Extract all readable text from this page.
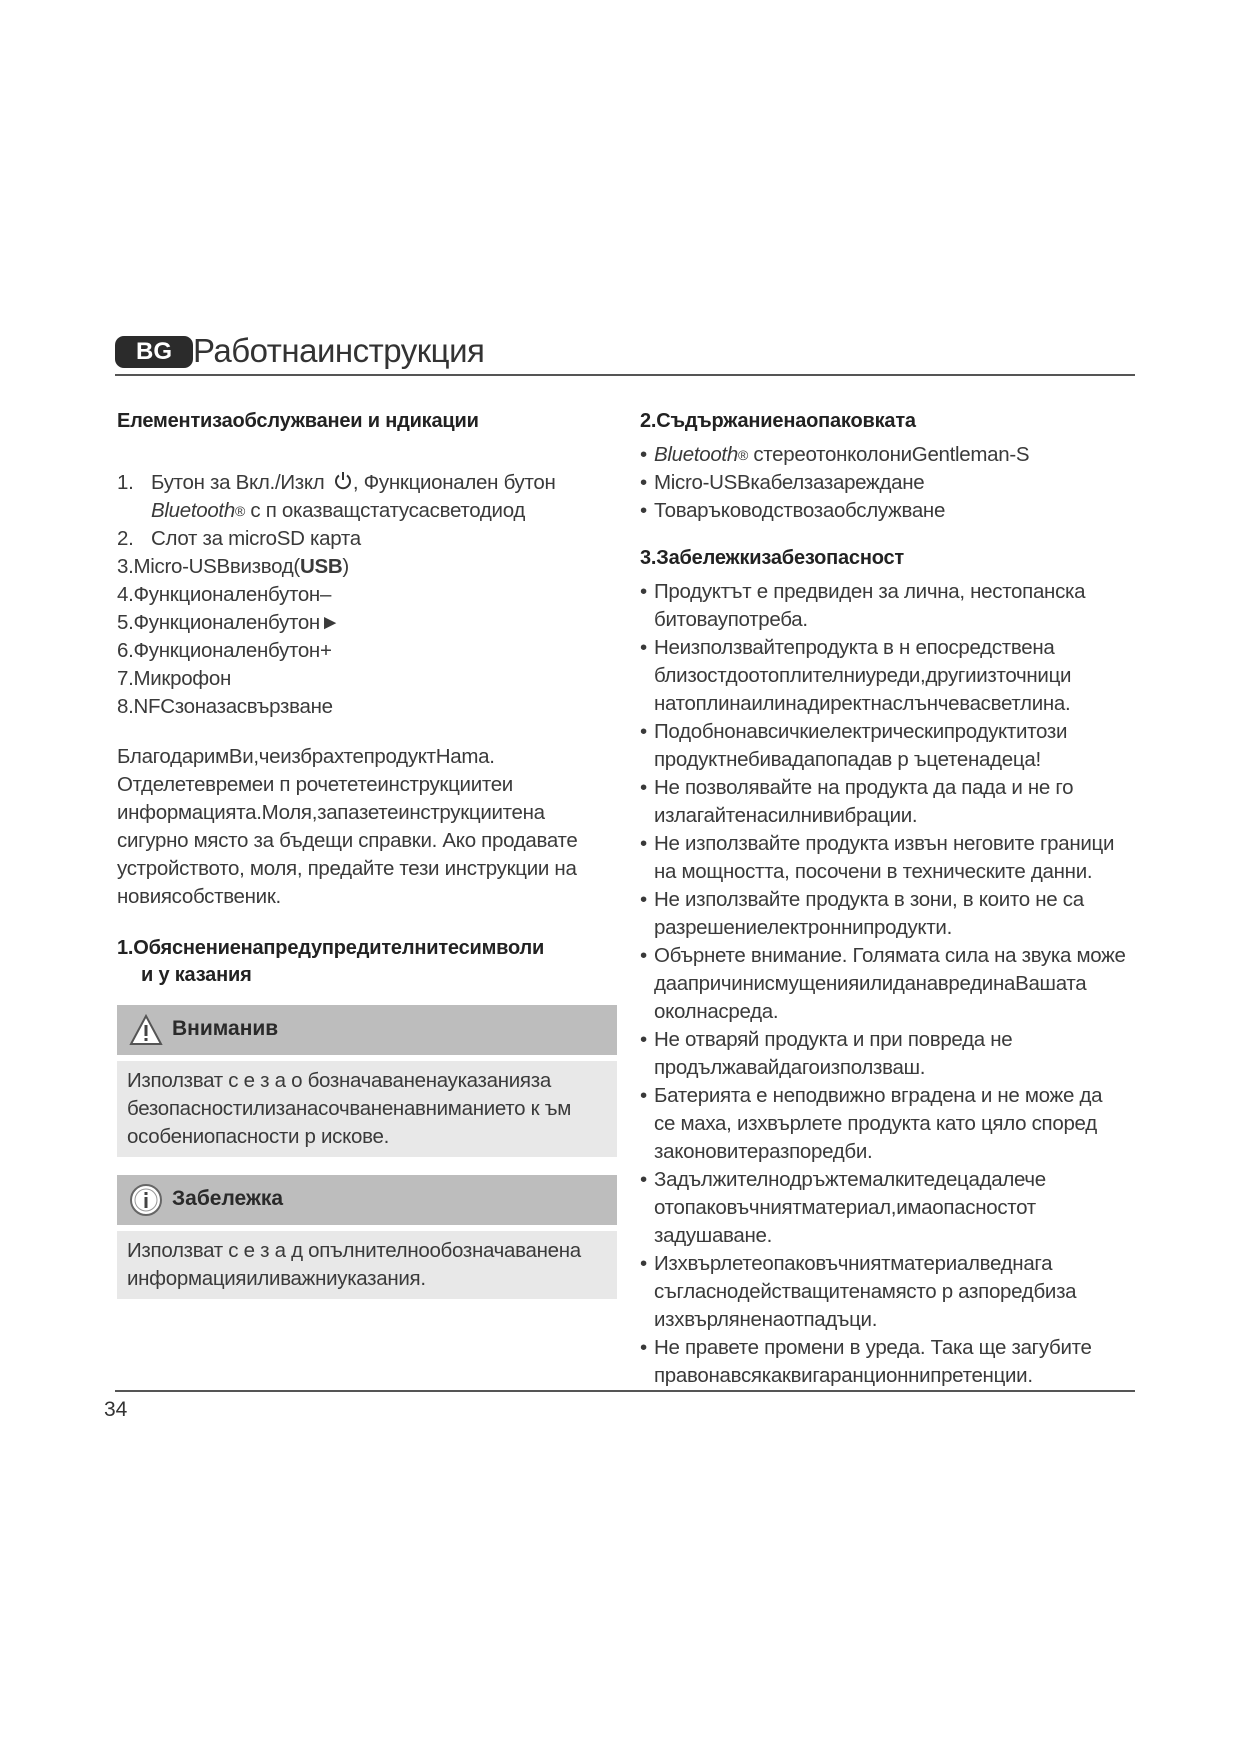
BG Работнаинструкция
Елементизаобслужванеи и ндикации
1. Бутон за Вкл./Изкл , Функционален бутон
Bluetooth® с п оказващстатусасветодиод
2. Слот за microSD карта
3.Micro-USBвизвод(USB)
4.Функционаленбутон–
5.Функционаленбутон►
6.Функционаленбутон+
7.Микрофон
8.NFCзоназасвързване
БлагодаримВи,чеизбрахтепродуктHama.
Отделетевремеи п рочететеинструкциитеи
информацията.Моля,запазетеинструкциитена
сигурно място за бъдещи справки. Ако продавате
устройството, моля, предайте тези инструкции на
новиясобственик.
1.Обяснениенапредупредителнитесимволи
и у казания
Вниманив
Използват с е з а о бозначаваненауказанияза
безопасностилизанасочваненавниманието к ъм
особениопасности р искове.
Забележка
Използват с е з а д опълнителнообозначаванена
информацияиливажниуказания.
2.Съдържаниенаопаковката
• Bluetooth® стереотонколониGentleman-S
• Micro-USBкабелзазареждане
• Товаръководствозаобслужване
3.Забележкизабезопасност
• Продуктът е предвиден за лична, нестопанска
битоваупотреба.
• Неизползвайтепродукта в н епосредствена
близостдоотоплителниуреди,другиизточници
натоплинаилинадиректнаслънчевасветлина.
• Подобнонавсичкиелектрическипродуктитози
продуктнебивадапопадав р ъцетенадеца!
• Не позволявайте на продукта да пада и не го
излагайтенасилнивибрации.
• Не използвайте продукта извън неговите граници
на мощността, посочени в техническите данни.
• Не използвайте продукта в зони, в които не са
разрешениелектроннипродукти.
• Обърнете внимание. Голямата сила на звука може
даапричинисмущенияилиданаврединаВашата
околнасреда.
• Не отваряй продукта и при повреда не
продължавайдагоизползваш.
• Батерията е неподвижно вградена и не може да
се маха, изхвърлете продукта като цяло според
законовитеразпоредби.
• Задължителнодръжтемалкитедецадалече
отопаковъчниятматериал,имаопасностот
задушаване.
• Изхвърлетеопаковъчниятматериалведнага
съгласнодействащитенамясто р азпоредбиза
изхвърляненаотпадъци.
• Не правете промени в уреда. Така ще загубите
правонавсякаквигаранционнипретенции.
34
